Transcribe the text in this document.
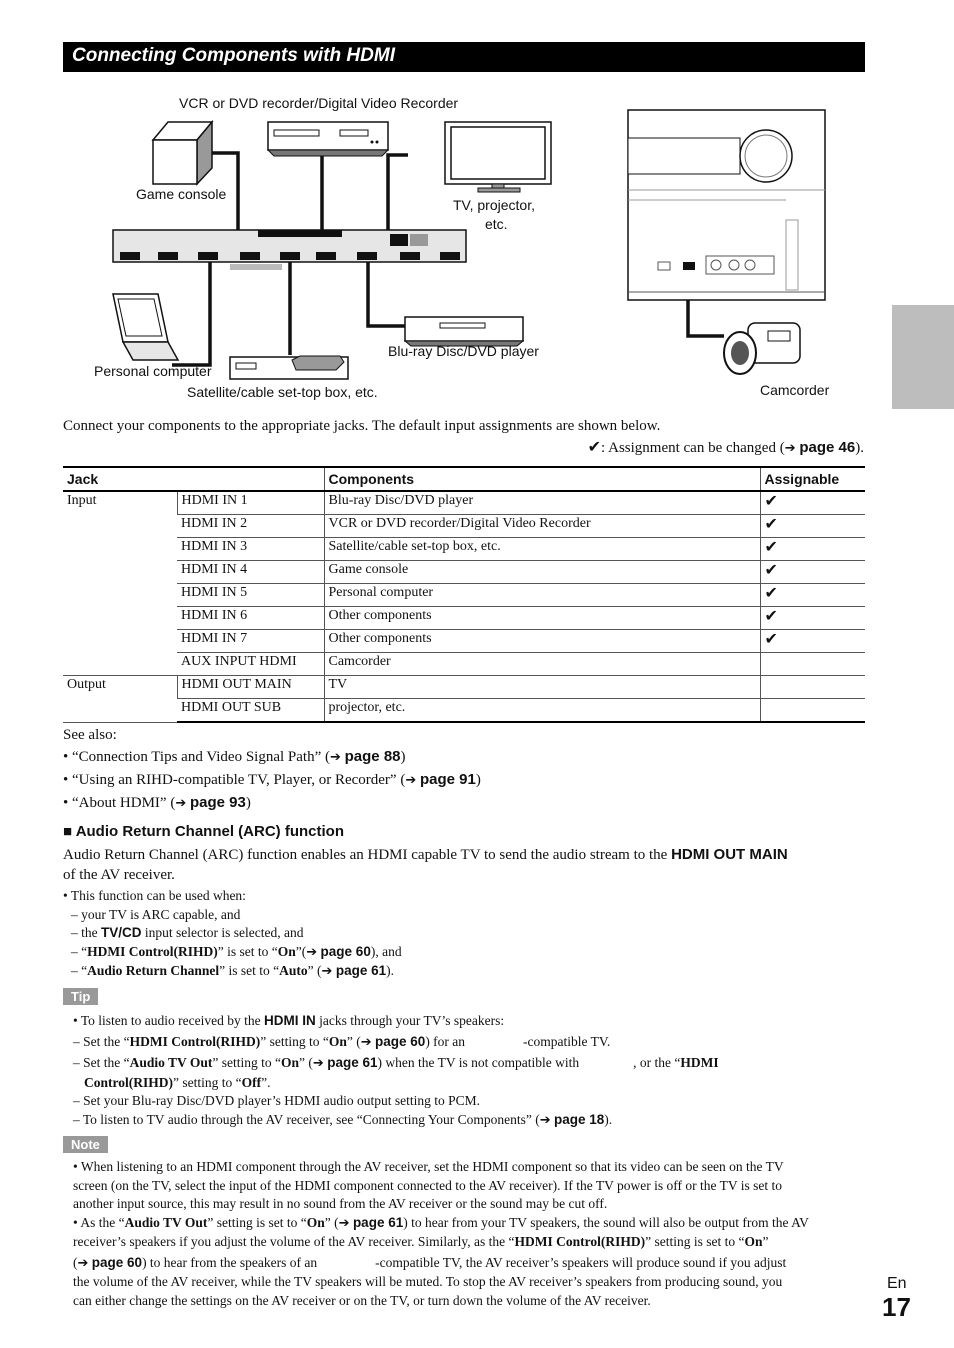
Connecting Components with HDMI
VCR or DVD recorder/Digital Video Recorder
Game console
TV, projector,
etc.
Blu-ray Disc/DVD player
Personal computer
Satellite/cable set-top box, etc.	Camcorder

Connect your components to the appropriate jacks. The default input assignments are shown below.

✔: Assignment can be changed (➔ page 46).

Jack		Components	Assignable
Input	HDMI IN 1	Blu-ray Disc/DVD player	✔
	HDMI IN 2	VCR or DVD recorder/Digital Video Recorder	✔
	HDMI IN 3	Satellite/cable set-top box, etc.	✔
	HDMI IN 4	Game console	✔
	HDMI IN 5	Personal computer	✔
	HDMI IN 6	Other components	✔
	HDMI IN 7	Other components	✔
	AUX INPUT HDMI	Camcorder	
Output	HDMI OUT MAIN	TV	
	HDMI OUT SUB	projector, etc.	
See also:
• “Connection Tips and Video Signal Path” (➔ page 88)
• “Using an RIHD-compatible TV, Player, or Recorder” (➔ page 91)
• “About HDMI” (➔ page 93)
■ Audio Return Channel (ARC) function

Audio Return Channel (ARC) function enables an HDMI capable TV to send the audio stream to the HDMI OUT MAIN
of the AV receiver.

• This function can be used when:
– your TV is ARC capable, and
– the TV/CD input selector is selected, and
– “HDMI Control(RIHD)” is set to “On”(➔ page 60), and
– “Audio Return Channel” is set to “Auto” (➔ page 61).
Tip
• To listen to audio received by the HDMI IN jacks through your TV’s speakers:
– Set the “HDMI Control(RIHD)” setting to “On” (➔ page 60) for an	-compatible TV.
– Set the “Audio TV Out” setting to “On” (➔ page 61) when the TV is not compatible with	, or the “HDMI
Control(RIHD)” setting to “Off”.
– Set your Blu-ray Disc/DVD player’s HDMI audio output setting to PCM.
– To listen to TV audio through the AV receiver, see “Connecting Your Components” (➔ page 18).
Note
• When listening to an HDMI component through the AV receiver, set the HDMI component so that its video can be seen on the TV
screen (on the TV, select the input of the HDMI component connected to the AV receiver). If the TV power is off or the TV is set to
another input source, this may result in no sound from the AV receiver or the sound may be cut off.
• As the “Audio TV Out” setting is set to “On” (➔ page 61) to hear from your TV speakers, the sound will also be output from the AV
receiver’s speakers if you adjust the volume of the AV receiver. Similarly, as the “HDMI Control(RIHD)” setting is set to “On”
(➔ page 60) to hear from the speakers of an	-compatible TV, the AV receiver’s speakers will produce sound if you adjust
the volume of the AV receiver, while the TV speakers will be muted. To stop the AV receiver’s speakers from producing sound, you
can either change the settings on the AV receiver or on the TV, or turn down the volume of the AV receiver.
En
17
